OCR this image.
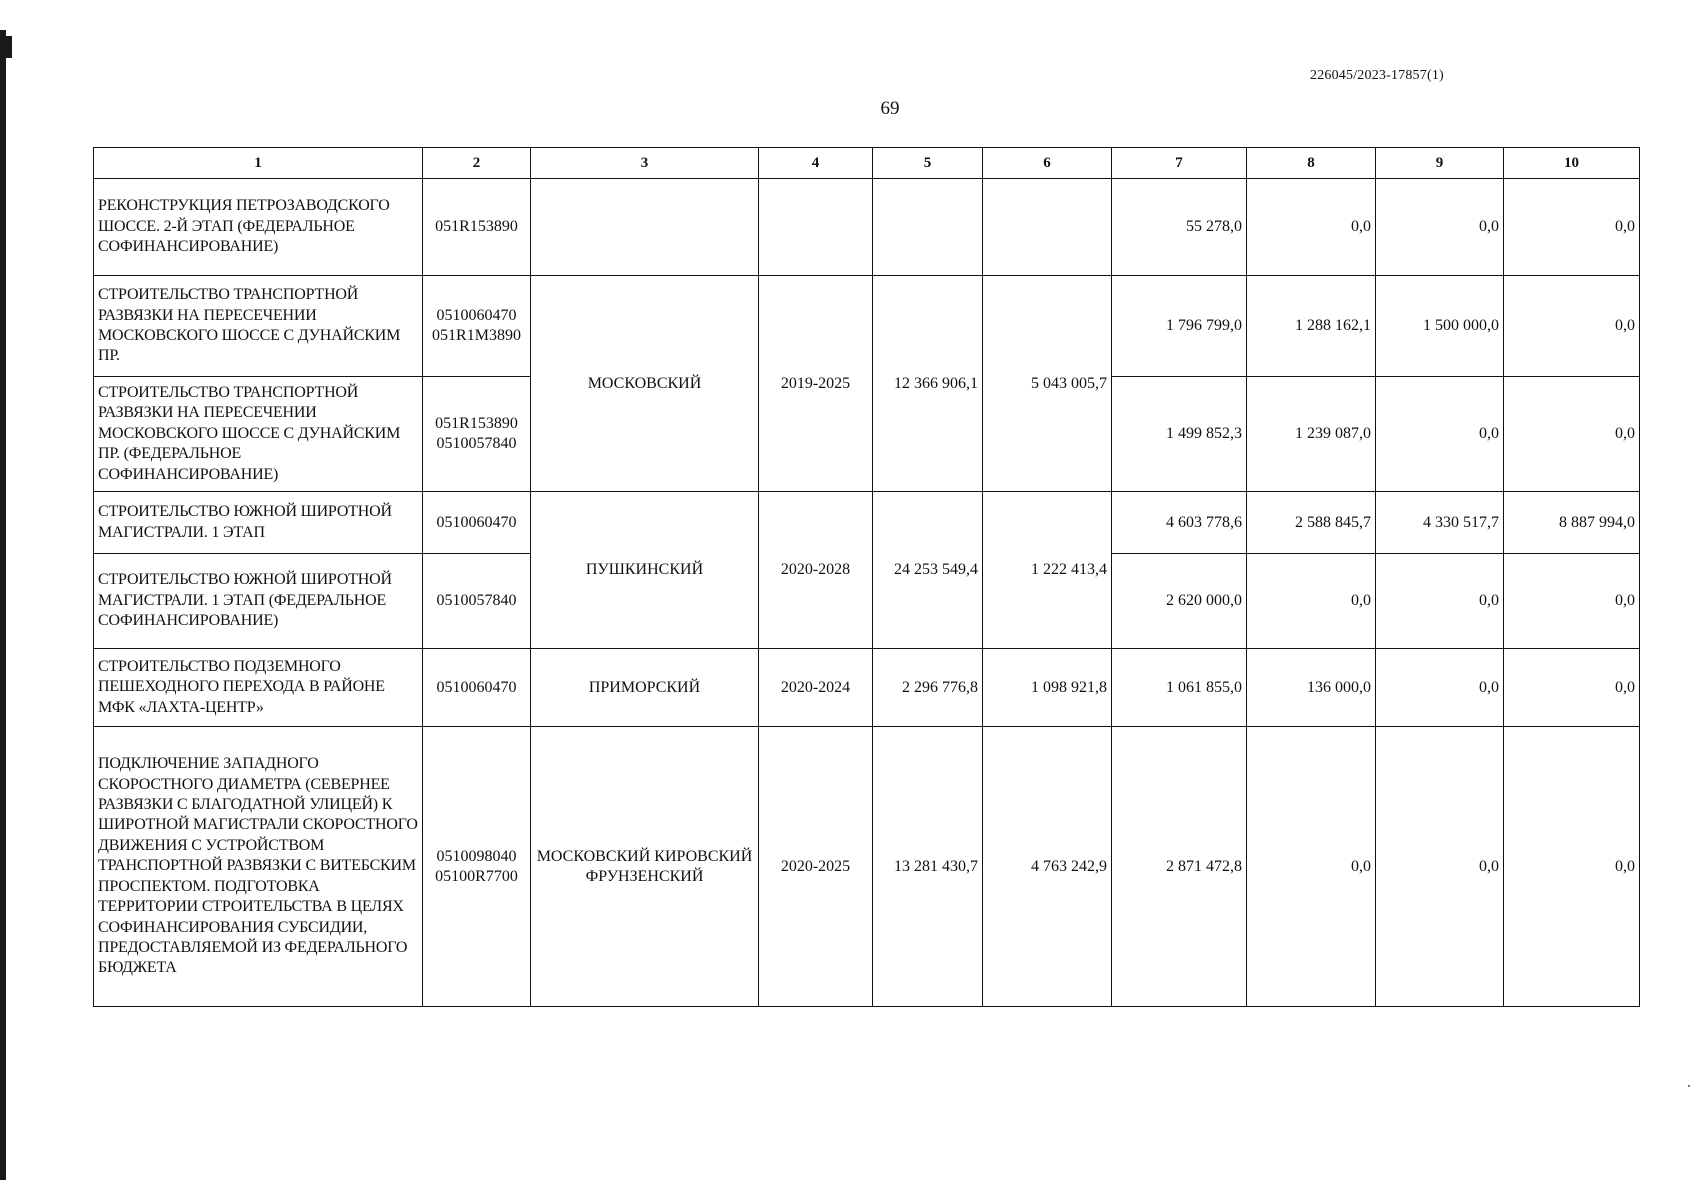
226045/2023-17857(1)
69
1	2	3	4	5	6	7	8	9	10
РЕКОНСТРУКЦИЯ ПЕТРОЗАВОДСКОГО ШОССЕ. 2-Й ЭТАП (ФЕДЕРАЛЬНОЕ СОФИНАНСИРОВАНИЕ)	051R153890					55 278,0	0,0	0,0	0,0
СТРОИТЕЛЬСТВО ТРАНСПОРТНОЙ РАЗВЯЗКИ НА ПЕРЕСЕЧЕНИИ МОСКОВСКОГО ШОССЕ С ДУНАЙСКИМ ПР.	0510060470 051R1M3890	МОСКОВСКИЙ	2019-2025	12 366 906,1	5 043 005,7	1 796 799,0	1 288 162,1	1 500 000,0	0,0
СТРОИТЕЛЬСТВО ТРАНСПОРТНОЙ РАЗВЯЗКИ НА ПЕРЕСЕЧЕНИИ МОСКОВСКОГО ШОССЕ С ДУНАЙСКИМ ПР. (ФЕДЕРАЛЬНОЕ СОФИНАНСИРОВАНИЕ)	051R153890 0510057840					1 499 852,3	1 239 087,0	0,0	0,0
СТРОИТЕЛЬСТВО ЮЖНОЙ ШИРОТНОЙ МАГИСТРАЛИ. 1 ЭТАП	0510060470	ПУШКИНСКИЙ	2020-2028	24 253 549,4	1 222 413,4	4 603 778,6	2 588 845,7	4 330 517,7	8 887 994,0
СТРОИТЕЛЬСТВО ЮЖНОЙ ШИРОТНОЙ МАГИСТРАЛИ. 1 ЭТАП (ФЕДЕРАЛЬНОЕ СОФИНАНСИРОВАНИЕ)	0510057840					2 620 000,0	0,0	0,0	0,0
СТРОИТЕЛЬСТВО ПОДЗЕМНОГО ПЕШЕХОДНОГО ПЕРЕХОДА В РАЙОНЕ МФК «ЛАХТА-ЦЕНТР»	0510060470	ПРИМОРСКИЙ	2020-2024	2 296 776,8	1 098 921,8	1 061 855,0	136 000,0	0,0	0,0
ПОДКЛЮЧЕНИЕ ЗАПАДНОГО СКОРОСТНОГО ДИАМЕТРА (СЕВЕРНЕЕ РАЗВЯЗКИ С БЛАГОДАТНОЙ УЛИЦЕЙ) К ШИРОТНОЙ МАГИСТРАЛИ СКОРОСТНОГО ДВИЖЕНИЯ С УСТРОЙСТВОМ ТРАНСПОРТНОЙ РАЗВЯЗКИ С ВИТЕБСКИМ ПРОСПЕКТОМ. ПОДГОТОВКА ТЕРРИТОРИИ СТРОИТЕЛЬСТВА В ЦЕЛЯХ СОФИНАНСИРОВАНИЯ СУБСИДИИ, ПРЕДОСТАВЛЯЕМОЙ ИЗ ФЕДЕРАЛЬНОГО БЮДЖЕТА	0510098040 05100R7700	МОСКОВСКИЙ КИРОВСКИЙ ФРУНЗЕНСКИЙ	2020-2025	13 281 430,7	4 763 242,9	2 871 472,8	0,0	0,0	0,0
